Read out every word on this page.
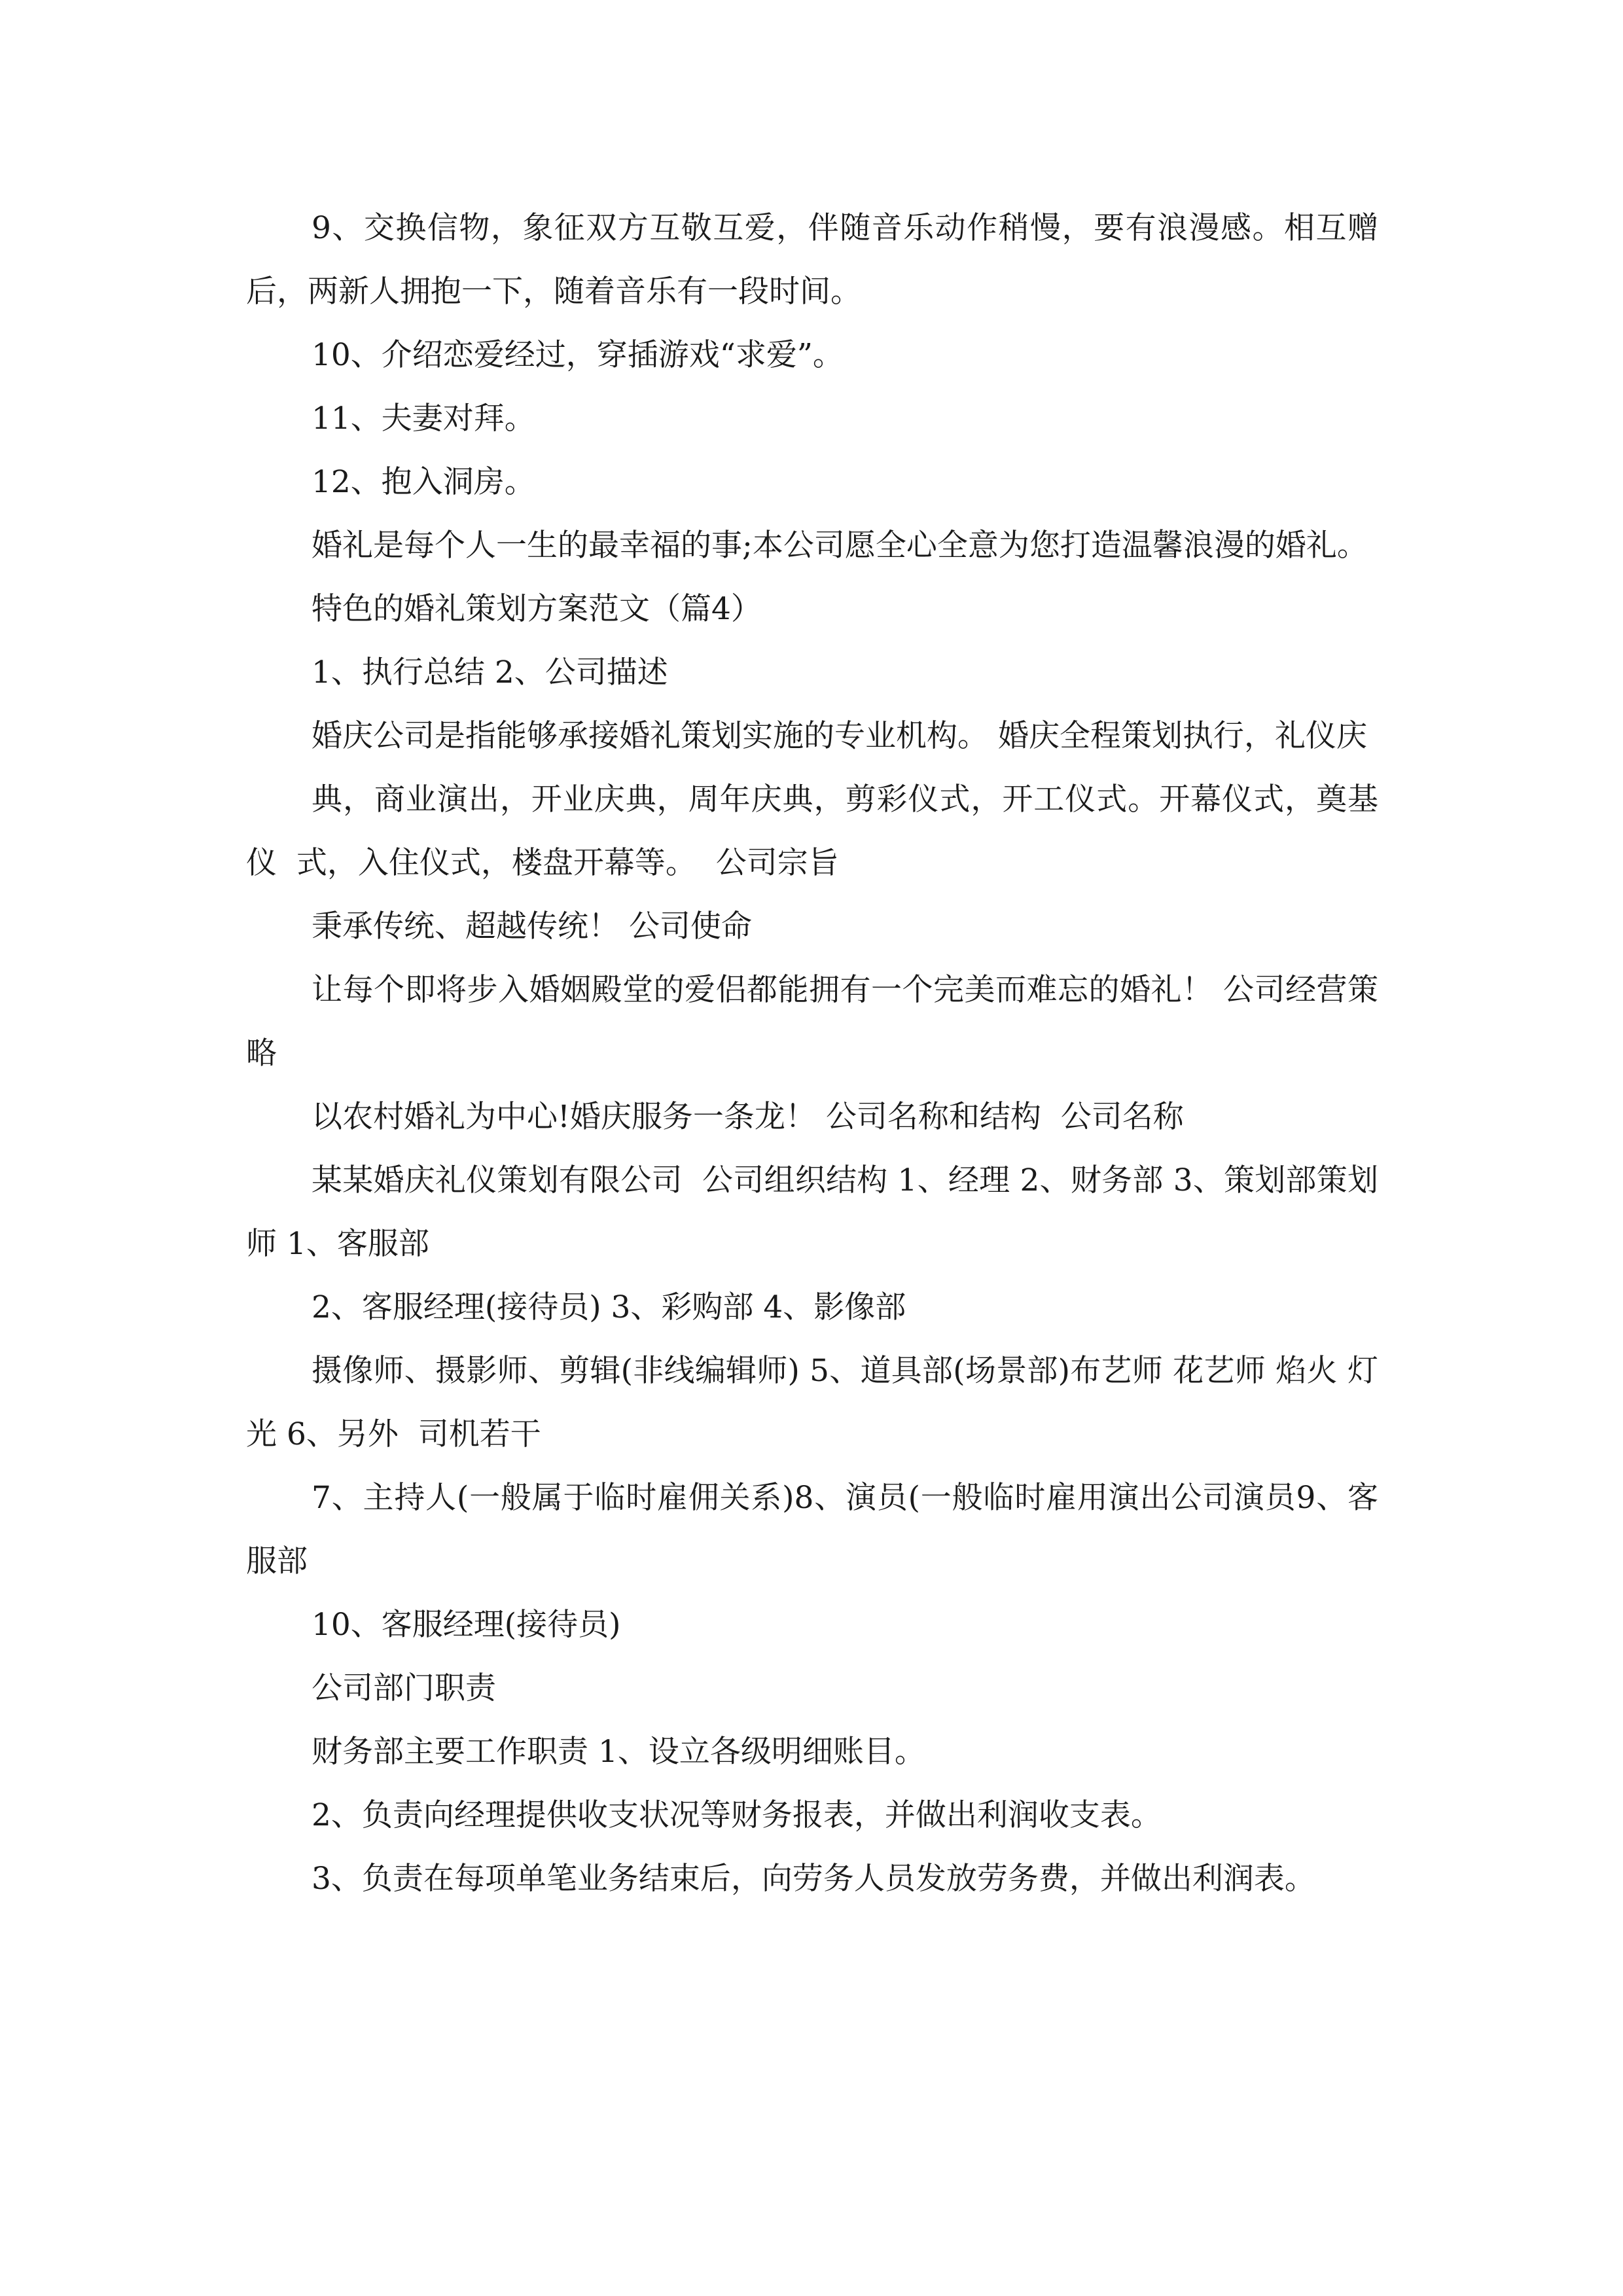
9、交换信物，象征双方互敬互爱，伴随音乐动作稍慢，要有浪漫感。相互赠后，两新人拥抱一下，随着音乐有一段时间。

10、介绍恋爱经过，穿插游戏“求爱”。

11、夫妻对拜。

12、抱入洞房。

婚礼是每个人一生的最幸福的事;本公司愿全心全意为您打造温馨浪漫的婚礼。

特色的婚礼策划方案范文（篇4）

1、执行总结 2、公司描述

婚庆公司是指能够承接婚礼策划实施的专业机构。 婚庆全程策划执行，礼仪庆

典，商业演出，开业庆典，周年庆典，剪彩仪式，开工仪式。开幕仪式，奠基仪  式，入住仪式，楼盘开幕等。  公司宗旨

秉承传统、超越传统！ 公司使命

让每个即将步入婚姻殿堂的爱侣都能拥有一个完美而难忘的婚礼！ 公司经营策略

以农村婚礼为中心!婚庆服务一条龙！ 公司名称和结构  公司名称

某某婚庆礼仪策划有限公司  公司组织结构 1、经理 2、财务部 3、策划部策划师 1、客服部

2、客服经理(接待员) 3、彩购部 4、影像部

摄像师、摄影师、剪辑(非线编辑师) 5、道具部(场景部)布艺师 花艺师 焰火 灯光 6、另外  司机若干

7、主持人(一般属于临时雇佣关系)8、演员(一般临时雇用演出公司演员9、客服部

10、客服经理(接待员)

公司部门职责

财务部主要工作职责 1、设立各级明细账目。

2、负责向经理提供收支状况等财务报表，并做出利润收支表。

3、负责在每项单笔业务结束后，向劳务人员发放劳务费，并做出利润表。
